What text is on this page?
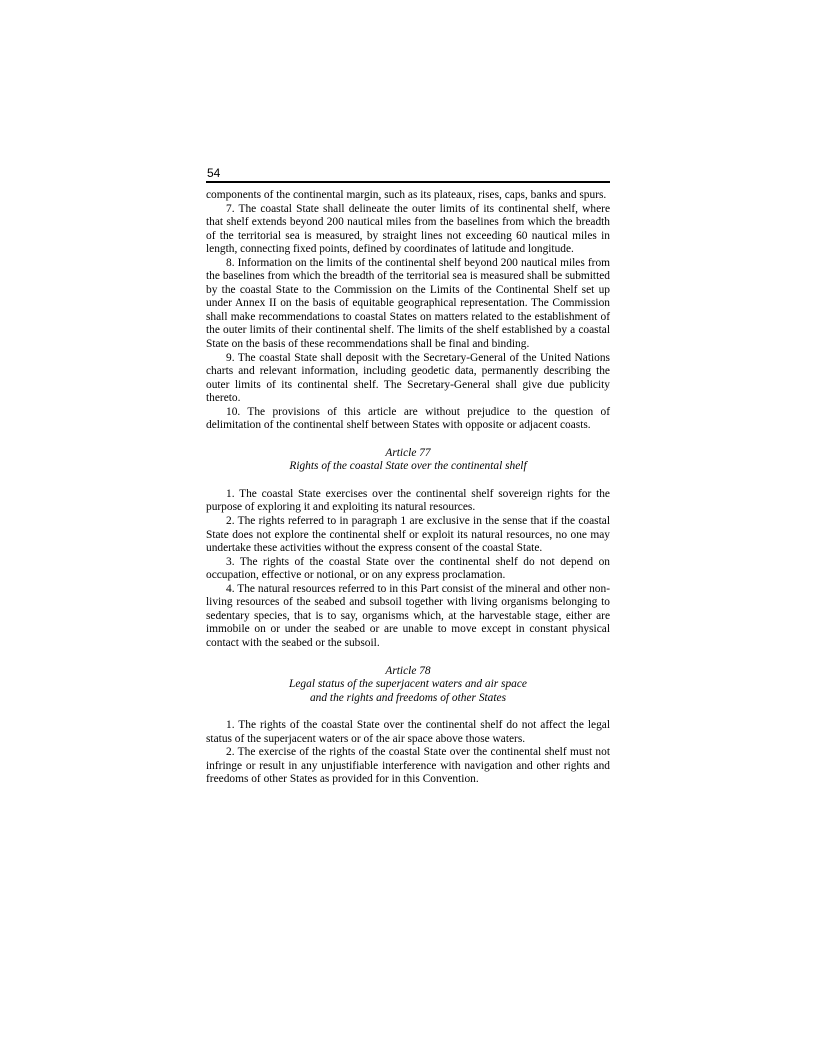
54

components of the continental margin, such as its plateaux, rises, caps, banks and spurs.

7. The coastal State shall delineate the outer limits of its continental shelf, where that shelf extends beyond 200 nautical miles from the baselines from which the breadth of the territorial sea is measured, by straight lines not exceeding 60 nautical miles in length, connecting fixed points, defined by coordinates of latitude and longitude.

8. Information on the limits of the continental shelf beyond 200 nautical miles from the baselines from which the breadth of the territorial sea is measured shall be submitted by the coastal State to the Commission on the Limits of the Continental Shelf set up under Annex II on the basis of equitable geographical representation. The Commission shall make recommendations to coastal States on matters related to the establishment of the outer limits of their continental shelf. The limits of the shelf established by a coastal State on the basis of these recommendations shall be final and binding.

9. The coastal State shall deposit with the Secretary-General of the United Nations charts and relevant information, including geodetic data, permanently describing the outer limits of its continental shelf. The Secretary-General shall give due publicity thereto.

10. The provisions of this article are without prejudice to the question of delimitation of the continental shelf between States with opposite or adjacent coasts.

Article 77
Rights of the coastal State over the continental shelf

1. The coastal State exercises over the continental shelf sovereign rights for the purpose of exploring it and exploiting its natural resources.

2. The rights referred to in paragraph 1 are exclusive in the sense that if the coastal State does not explore the continental shelf or exploit its natural resources, no one may undertake these activities without the express consent of the coastal State.

3. The rights of the coastal State over the continental shelf do not depend on occupation, effective or notional, or on any express proclamation.

4. The natural resources referred to in this Part consist of the mineral and other non-living resources of the seabed and subsoil together with living organisms belonging to sedentary species, that is to say, organisms which, at the harvestable stage, either are immobile on or under the seabed or are unable to move except in constant physical contact with the seabed or the subsoil.

Article 78
Legal status of the superjacent waters and air space
and the rights and freedoms of other States

1. The rights of the coastal State over the continental shelf do not affect the legal status of the superjacent waters or of the air space above those waters.

2. The exercise of the rights of the coastal State over the continental shelf must not infringe or result in any unjustifiable interference with navigation and other rights and freedoms of other States as provided for in this Convention.
